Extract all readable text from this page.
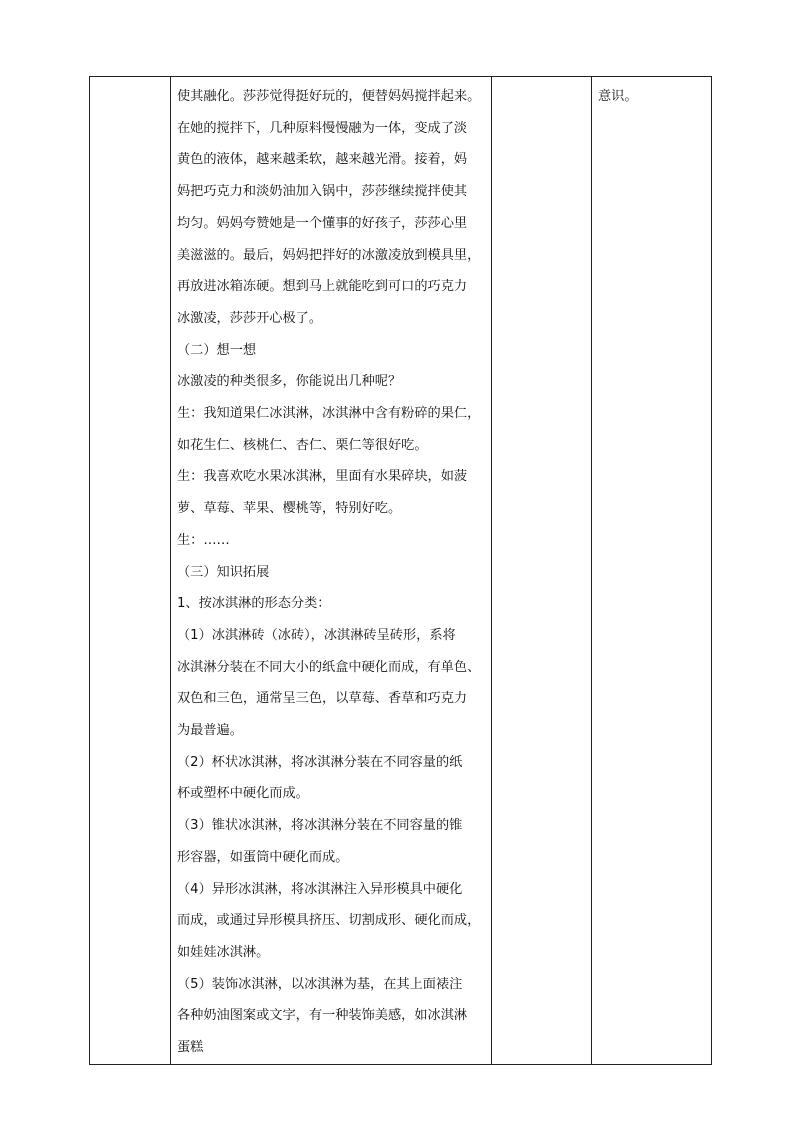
使其融化。莎莎觉得挺好玩的，便替妈妈搅拌起来。

在她的搅拌下，几种原料慢慢融为一体，变成了淡

黄色的液体，越来越柔软，越来越光滑。接着，妈

妈把巧克力和淡奶油加入锅中，莎莎继续搅拌使其

均匀。妈妈夸赞她是一个懂事的好孩子，莎莎心里

美滋滋的。最后，妈妈把拌好的冰激凌放到模具里，

再放进冰箱冻硬。想到马上就能吃到可口的巧克力

冰激凌，莎莎开心极了。

（二）想一想

冰激凌的种类很多，你能说出几种呢？

生：我知道果仁冰淇淋，冰淇淋中含有粉碎的果仁，

如花生仁、核桃仁、杏仁、栗仁等很好吃。

生：我喜欢吃水果冰淇淋，里面有水果碎块，如菠

萝、草莓、苹果、樱桃等，特别好吃。

生：……

（三）知识拓展

1、按冰淇淋的形态分类：

（1）冰淇淋砖（冰砖），冰淇淋砖呈砖形，系将

冰淇淋分装在不同大小的纸盒中硬化而成，有单色、

双色和三色，通常呈三色，以草莓、香草和巧克力

为最普遍。

（2）杯状冰淇淋，将冰淇淋分装在不同容量的纸

杯或塑杯中硬化而成。

（3）锥状冰淇淋，将冰淇淋分装在不同容量的锥

形容器，如蛋筒中硬化而成。

（4）异形冰淇淋，将冰淇淋注入异形模具中硬化

而成，或通过异形模具挤压、切割成形、硬化而成，

如娃娃冰淇淋。

（5）装饰冰淇淋，以冰淇淋为基，在其上面裱注

各种奶油图案或文字，有一种装饰美感，如冰淇淋

蛋糕

意识。
